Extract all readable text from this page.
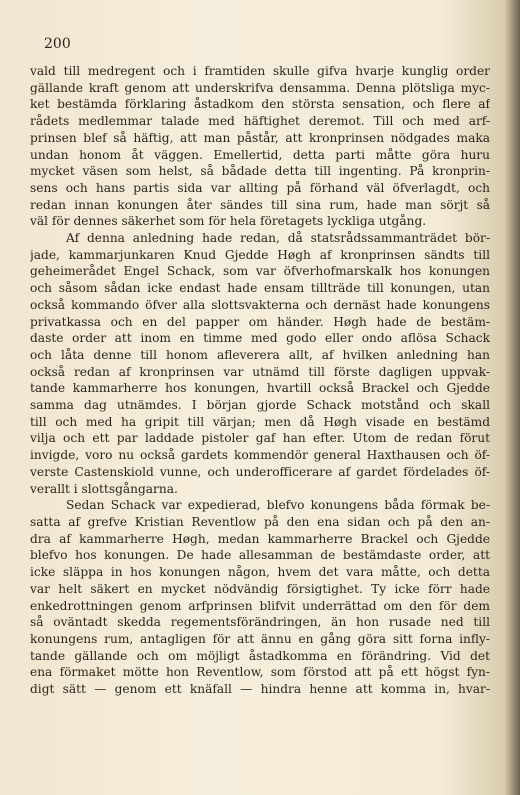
200
vald till medregent och i framtiden skulle gifva hvarje kunglig order
gällande kraft genom att underskrifva densamma. Denna plötsliga myc-
ket bestämda förklaring åstadkom den största sensation, och flere af
rådets medlemmar talade med häftighet deremot. Till och med arf-
prinsen blef så häftig, att man påstår, att kronprinsen nödgades maka
undan honom åt väggen. Emellertid, detta parti måtte göra huru
mycket väsen som helst, så bådade detta till ingenting. På kronprin-
sens och hans partis sida var allting på förhand väl öfverlagdt, och
redan innan konungen åter sändes till sina rum, hade man sörjt så
väl för dennes säkerhet som för hela företagets lyckliga utgång.
Af denna anledning hade redan, då statsrådssammanträdet bör-
jade, kammarjunkaren Knud Gjedde Høgh af kronprinsen sändts till
geheimerådet Engel Schack, som var öfverhofmarskalk hos konungen
och såsom sådan icke endast hade ensam tillträde till konungen, utan
också kommando öfver alla slottsvakterna och dernäst hade konungens
privatkassa och en del papper om händer. Høgh hade de bestäm-
daste order att inom en timme med godo eller ondo aflösa Schack
och låta denne till honom afleverera allt, af hvilken anledning han
också redan af kronprinsen var utnämd till förste dagligen uppvak-
tande kammarherre hos konungen, hvartill också Brackel och Gjedde
samma dag utnämdes. I början gjorde Schack motstånd och skall
till och med ha gripit till värjan; men då Høgh visade en bestämd
vilja och ett par laddade pistoler gaf han efter. Utom de redan förut
invigde, voro nu också gardets kommendör general Haxthausen och öf-
verste Castenskiold vunne, och underofficerare af gardet fördelades öf-
verallt i slottsgångarna.
Sedan Schack var expedierad, blefvo konungens båda förmak be-
satta af grefve Kristian Reventlow på den ena sidan och på den an-
dra af kammarherre Høgh, medan kammarherre Brackel och Gjedde
blefvo hos konungen. De hade allesamman de bestämdaste order, att
icke släppa in hos konungen någon, hvem det vara måtte, och detta
var helt säkert en mycket nödvändig försigtighet. Ty icke förr hade
enkedrottningen genom arfprinsen blifvit underrättad om den för dem
så oväntadt skedda regementsförändringen, än hon rusade ned till
konungens rum, antagligen för att ännu en gång göra sitt forna infly-
tande gällande och om möjligt åstadkomma en förändring. Vid det
ena förmaket mötte hon Reventlow, som förstod att på ett högst fyn-
digt sätt — genom ett knäfall — hindra henne att komma in, hvar-
